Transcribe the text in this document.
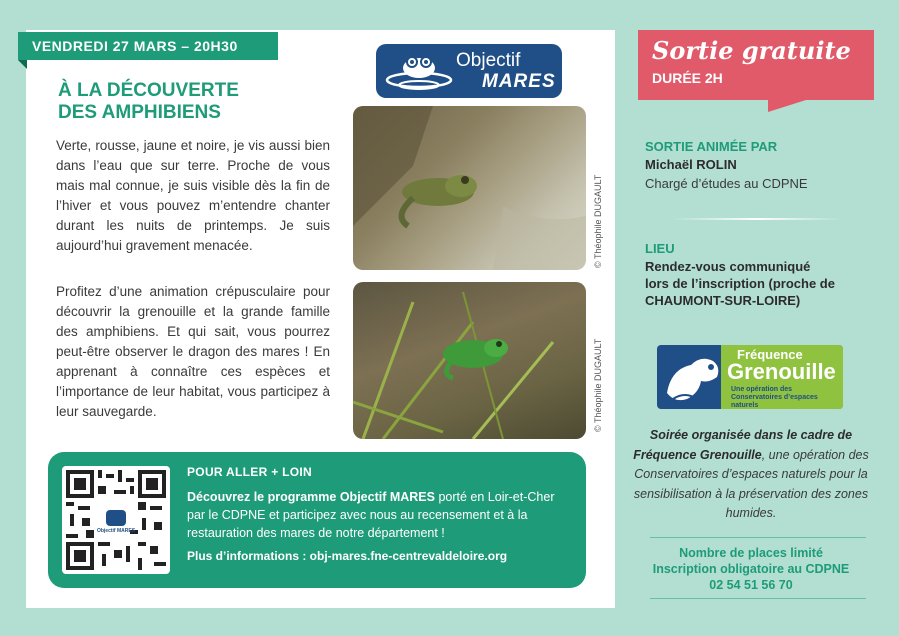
VENDREDI 27 MARS – 20H30
À LA DÉCOUVERTE
DES AMPHIBIENS
Objectif
MARES

Verte, rousse, jaune et noire, je vis aussi bien dans l’eau que sur terre. Proche de vous mais mal connue, je suis visible dès la fin de l’hiver et vous pouvez m’entendre chanter durant les nuits de printemps. Je suis aujourd’hui gravement menacée.

Profitez d’une animation crépusculaire pour découvrir la grenouille et la grande famille des amphibiens. Et qui sait, vous pourrez peut-être observer le dragon des mares ! En apprenant à connaître ces espèces et l’importance de leur habitat, vous participez à leur sauvegarde.

© Théophile DUGAULT
© Théophile DUGAULT
Objectif MARES
POUR ALLER + LOIN

Découvrez le programme Objectif MARES porté en Loir-et-Cher par le CDPNE et participez avec nous au recensement et à la restauration des mares de notre département !

Plus d’informations : obj-mares.fne-centrevaldeloire.org
Sortie gratuite
DURÉE 2H
SORTIE ANIMÉE PAR
Michaël ROLIN
Chargé d’études au CDPNE
LIEU
Rendez-vous communiqué lors de l’inscription (proche de CHAUMONT-SUR-LOIRE)
Fréquence
Grenouille
Une opération des Conservatoires d’espaces naturels

Soirée organisée dans le cadre de Fréquence Grenouille, une opération des Conservatoires d’espaces naturels pour la sensibilisation à la préservation des zones humides.

Nombre de places limité
Inscription obligatoire au CDPNE
02 54 51 56 70
